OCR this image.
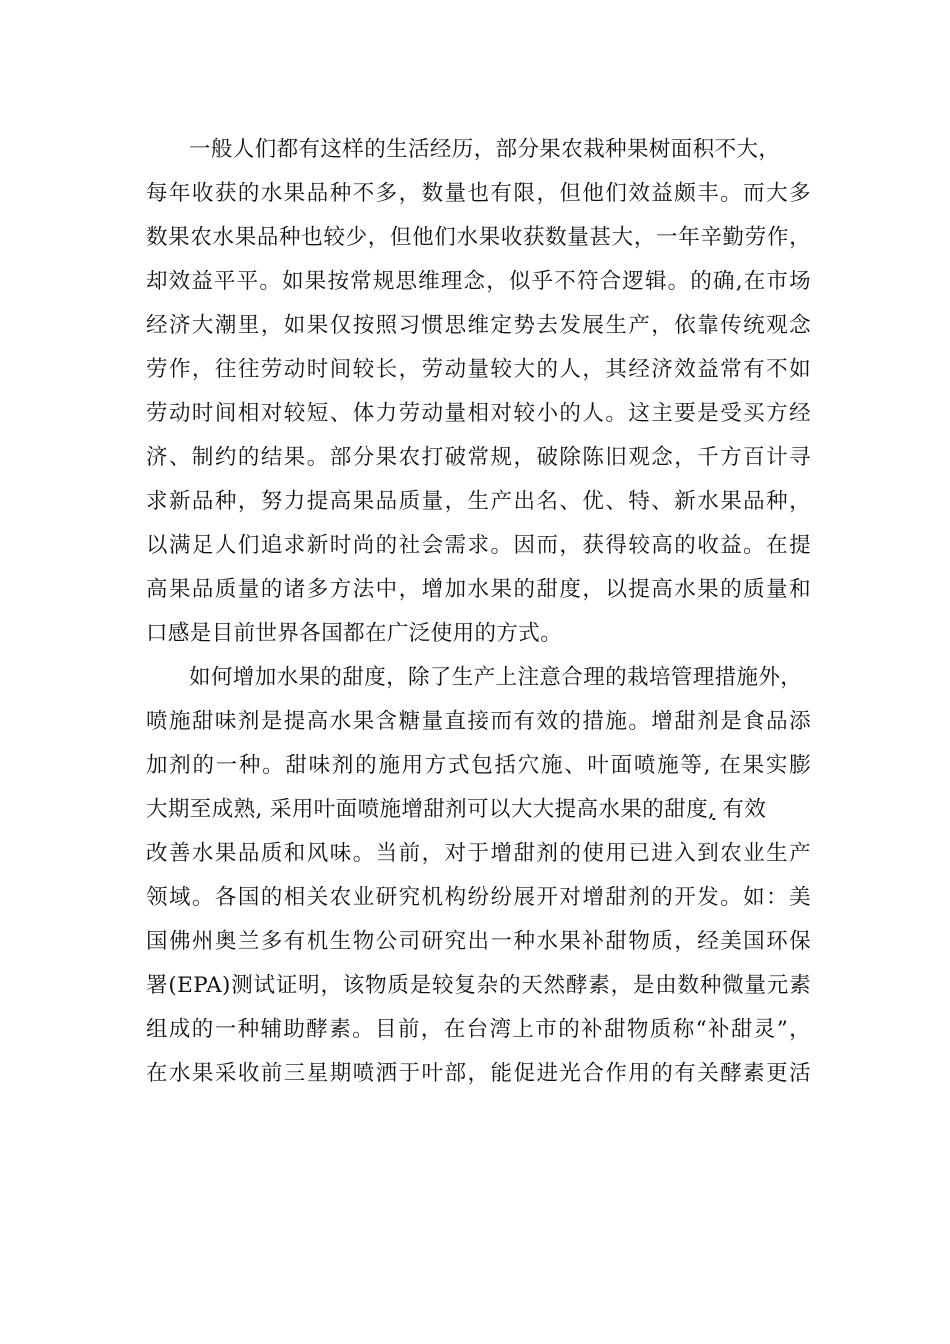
一般人们都有这样的生活经历，部分果农栽种果树面积不大，
每年收获的水果品种不多，数量也有限，但他们效益颇丰。而大多
数果农水果品种也较少，但他们水果收获数量甚大，一年辛勤劳作，
却效益平平。如果按常规思维理念，似乎不符合逻辑。的确,在市场
经济大潮里，如果仅按照习惯思维定势去发展生产，依靠传统观念
劳作，往往劳动时间较长，劳动量较大的人，其经济效益常有不如
劳动时间相对较短、体力劳动量相对较小的人。这主要是受买方经
济、制约的结果。部分果农打破常规，破除陈旧观念，千方百计寻
求新品种，努力提高果品质量，生产出名、优、特、新水果品种，
以满足人们追求新时尚的社会需求。因而，获得较高的收益。在提
高果品质量的诸多方法中，增加水果的甜度，以提高水果的质量和
口感是目前世界各国都在广泛使用的方式。
如何增加水果的甜度，除了生产上注意合理的栽培管理措施外，
喷施甜味剂是提高水果含糖量直接而有效的措施。增甜剂是食品添
加剂的一种。甜味剂的施用方式包括穴施、叶面喷施等, 在果实膨
大期至成熟, 采用叶面喷施增甜剂可以大大提高水果的甜度, 有效
改善水果品质和风味。当前，对于增甜剂的使用已进入到农业生产
领域。各国的相关农业研究机构纷纷展开对增甜剂的开发。如：美
国佛州奥兰多有机生物公司研究出一种水果补甜物质，经美国环保
署(EPA)测试证明，该物质是较复杂的天然酵素，是由数种微量元素
组成的一种辅助酵素。目前，在台湾上市的补甜物质称“补甜灵”，
在水果采收前三星期喷洒于叶部，能促进光合作用的有关酵素更活
